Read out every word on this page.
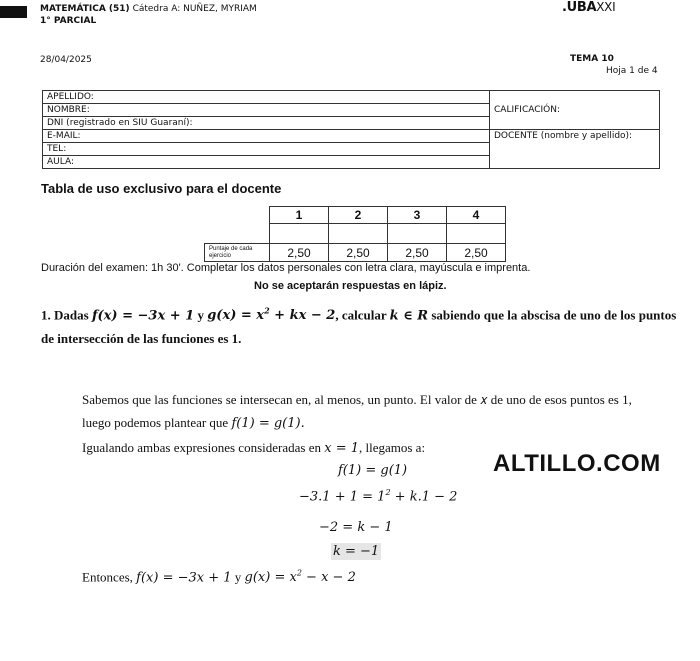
MATEMÁTICA (51) Cátedra A: NUÑEZ, MYRIAM
1° PARCIAL
.UBAXXI
28/04/2025	TEMA 10
Hoja 1 de 4
APELLIDO:	CALIFICACIÓN:
NOMBRE:	
DNI (registrado en SIU Guaraní):	
E-MAIL:	DOCENTE (nombre y apellido):
TEL:	
AULA:	
Tabla de uso exclusivo para el docente
	1	2	3	4

Puntaje de cada ejercicio	2,50	2,50	2,50	2,50
Duración del examen: 1h 30'. Completar los datos personales con letra clara, mayúscula e imprenta.
No se aceptarán respuestas en lápiz.
1. Dadas f(x) = −3x + 1 y $g(x) = x^2$ + kx − 2, calcular k ∈ R sabiendo que la abscisa de uno de los puntos
de intersección de las funciones es 1.
Sabemos que las funciones se intersecan en, al menos, un punto. El valor de 𝑥 de uno de esos puntos es 1,
luego podemos plantear que f(1) = g(1).
Igualando ambas expresiones consideradas en x = 1, llegamos a:
f(1) = g(1)
$-3.1 + 1 = 1^2 + k.1 - 2$
−2 = k − 1
k = −1
Entonces, f(x) = −3x + 1 y $g(x) = x^2 - x - 2$
ALTILLO.COM
